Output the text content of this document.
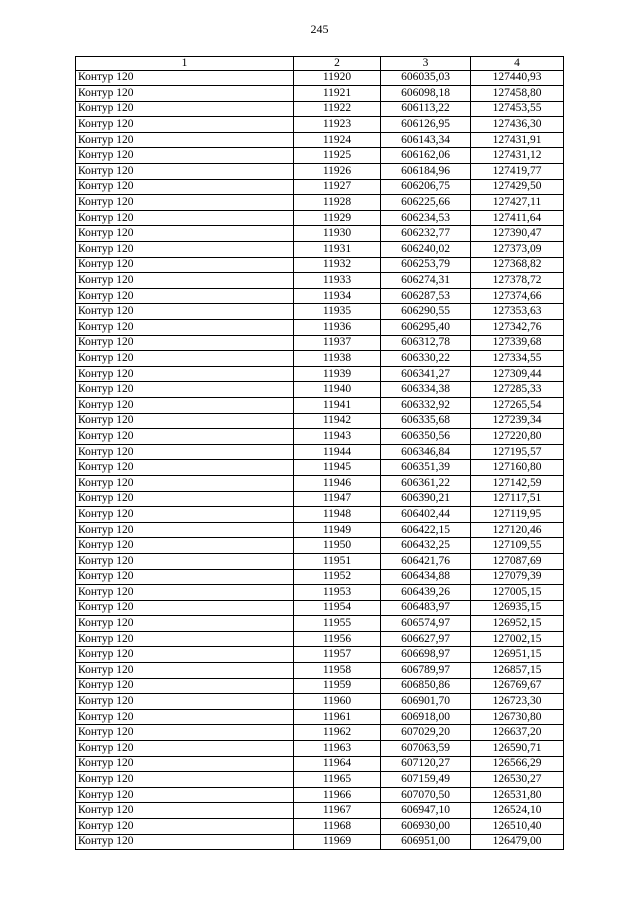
245
1	2	3	4
Контур 120	11920	606035,03	127440,93
Контур 120	11921	606098,18	127458,80
Контур 120	11922	606113,22	127453,55
Контур 120	11923	606126,95	127436,30
Контур 120	11924	606143,34	127431,91
Контур 120	11925	606162,06	127431,12
Контур 120	11926	606184,96	127419,77
Контур 120	11927	606206,75	127429,50
Контур 120	11928	606225,66	127427,11
Контур 120	11929	606234,53	127411,64
Контур 120	11930	606232,77	127390,47
Контур 120	11931	606240,02	127373,09
Контур 120	11932	606253,79	127368,82
Контур 120	11933	606274,31	127378,72
Контур 120	11934	606287,53	127374,66
Контур 120	11935	606290,55	127353,63
Контур 120	11936	606295,40	127342,76
Контур 120	11937	606312,78	127339,68
Контур 120	11938	606330,22	127334,55
Контур 120	11939	606341,27	127309,44
Контур 120	11940	606334,38	127285,33
Контур 120	11941	606332,92	127265,54
Контур 120	11942	606335,68	127239,34
Контур 120	11943	606350,56	127220,80
Контур 120	11944	606346,84	127195,57
Контур 120	11945	606351,39	127160,80
Контур 120	11946	606361,22	127142,59
Контур 120	11947	606390,21	127117,51
Контур 120	11948	606402,44	127119,95
Контур 120	11949	606422,15	127120,46
Контур 120	11950	606432,25	127109,55
Контур 120	11951	606421,76	127087,69
Контур 120	11952	606434,88	127079,39
Контур 120	11953	606439,26	127005,15
Контур 120	11954	606483,97	126935,15
Контур 120	11955	606574,97	126952,15
Контур 120	11956	606627,97	127002,15
Контур 120	11957	606698,97	126951,15
Контур 120	11958	606789,97	126857,15
Контур 120	11959	606850,86	126769,67
Контур 120	11960	606901,70	126723,30
Контур 120	11961	606918,00	126730,80
Контур 120	11962	607029,20	126637,20
Контур 120	11963	607063,59	126590,71
Контур 120	11964	607120,27	126566,29
Контур 120	11965	607159,49	126530,27
Контур 120	11966	607070,50	126531,80
Контур 120	11967	606947,10	126524,10
Контур 120	11968	606930,00	126510,40
Контур 120	11969	606951,00	126479,00
